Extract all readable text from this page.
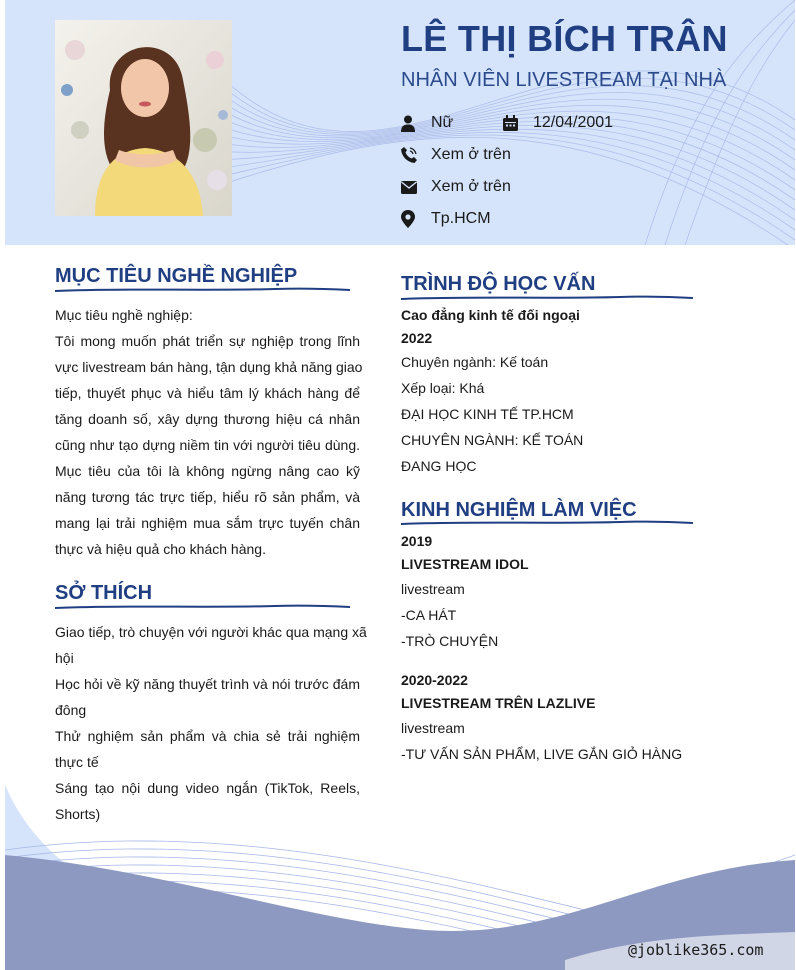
LÊ THỊ BÍCH TRÂN
NHÂN VIÊN LIVESTREAM TẠI NHÀ
Nữ	12/04/2001
Xem ở trên
Xem ở trên
Tp.HCM
MỤC TIÊU NGHỀ NGHIỆP
Mục tiêu nghề nghiệp:
Tôi mong muốn phát triển sự nghiệp trong lĩnh
vực livestream bán hàng, tận dụng khả năng giao
tiếp, thuyết phục và hiểu tâm lý khách hàng để
tăng doanh số, xây dựng thương hiệu cá nhân
cũng như tạo dựng niềm tin với người tiêu dùng.
Mục tiêu của tôi là không ngừng nâng cao kỹ
năng tương tác trực tiếp, hiểu rõ sản phẩm, và
mang lại trải nghiệm mua sắm trực tuyến chân
thực và hiệu quả cho khách hàng.
SỞ THÍCH
Giao tiếp, trò chuyện với người khác qua mạng xã
hội
Học hỏi về kỹ năng thuyết trình và nói trước đám
đông
Thử nghiệm sản phẩm và chia sẻ trải nghiệm
thực tế
Sáng tạo nội dung video ngắn (TikTok, Reels,
Shorts)
TRÌNH ĐỘ HỌC VẤN
Cao đẳng kinh tế đối ngoại
2022
Chuyên ngành: Kế toán
Xếp loại: Khá
ĐẠI HỌC KINH TẾ TP.HCM
CHUYÊN NGÀNH: KẾ TOÁN
ĐANG HỌC
KINH NGHIỆM LÀM VIỆC
2019
LIVESTREAM IDOL
livestream
-CA HÁT
-TRÒ CHUYỆN
2020-2022
LIVESTREAM TRÊN LAZLIVE
livestream
-TƯ VẤN SẢN PHẨM, LIVE GẮN GIỎ HÀNG
@joblike365.com
